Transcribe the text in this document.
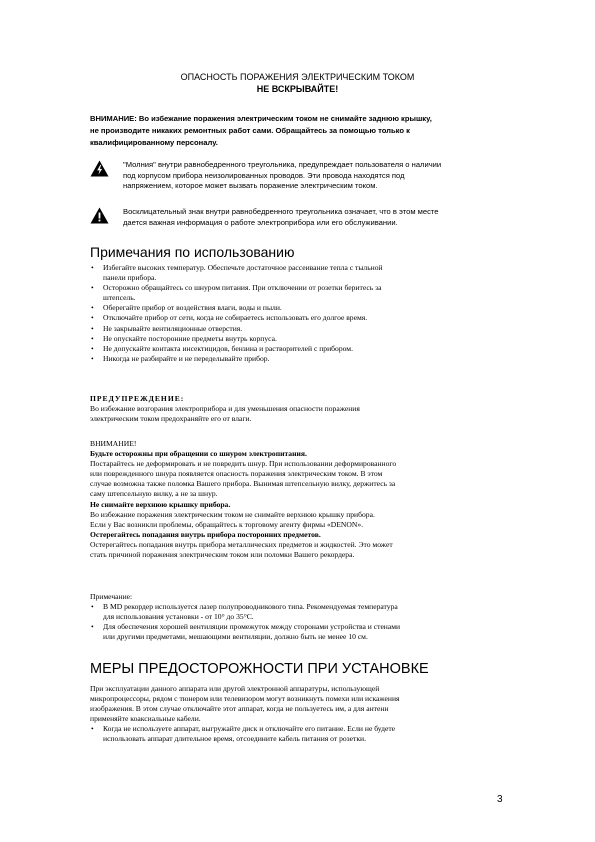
ОПАСНОСТЬ ПОРАЖЕНИЯ ЭЛЕКТРИЧЕСКИМ ТОКОМ
НЕ ВСКРЫВАЙТЕ!
ВНИМАНИЕ: Во избежание поражения электрическим током не снимайте заднюю крышку,
не производите никаких ремонтных работ сами. Обращайтесь за помощью только к
квалифицированному персоналу.
"Молния" внутри равнобедренного треугольника, предупреждает пользователя о наличии
под корпусом прибора неизолированных проводов. Эти провода находятся под
напряжением, которое может вызвать поражение электрическим током.
Восклицательный знак внутри равнобедренного треугольника означает, что в этом месте
дается важная информация о работе электроприбора или его обслуживании.
Примечания по использованию
• Избегайте высоких температур. Обеспечьте достаточное рассеивание тепла с тыльной
панели прибора.
• Осторожно обращайтесь со шнуром питания. При отключении от розетки беритесь за
штепсель.
• Оберегайте прибор от воздействия влаги, воды и пыли.
• Отключайте прибор от сети, когда не собираетесь использовать его долгое время.
• Не закрывайте вентиляционные отверстия.
• Не опускайте посторонние предметы внутрь корпуса.
• Не допускайте контакта инсектицидов, бензина и растворителей с прибором.
• Никогда не разбирайте и не переделывайте прибор.
ПРЕДУПРЕЖДЕНИЕ:
Во избежание возгорания электроприбора и для уменьшения опасности поражения
электрическим током предохраняйте его от влаги.
ВНИМАНИЕ!
Будьте осторожны при обращении со шнуром электропитания.
Постарайтесь не деформировать и не повредить шнур. При использовании деформированного
или поврежденного шнура появляется опасность поражения электрическим током. В этом
случае возможна также поломка Вашего прибора. Вынимая штепсельную вилку, держитесь за
саму штепсельную вилку, а не за шнур.
Не снимайте верхнюю крышку прибора.
Во избежание поражения электрическим током не снимайте верхнюю крышку прибора.
Если у Вас возникли проблемы, обращайтесь к торговому агенту фирмы «DENON».
Остерегайтесь попадания внутрь прибора посторонних предметов.
Остерегайтесь попадания внутрь прибора металлических предметов и жидкостей. Это может
стать причиной поражения электрическим током или поломки Вашего рекордера.
Примечание:
• В MD рекордер используется лазер полупроводникового типа. Рекомендуемая температура
для использования установки - от 10° до 35°C.
• Для обеспечения хорошей вентиляции промежуток между сторонами устройства и стенами
или другими предметами, мешающими вентиляции, должно быть не менее 10 см.
МЕРЫ ПРЕДОСТОРОЖНОСТИ ПРИ УСТАНОВКЕ
При эксплуатации данного аппарата или другой электронной аппаратуры, использующей
микропроцессоры, рядом с тюнером или телевизором могут возникнуть помехи или искажения
изображения. В этом случае отключайте этот аппарат, когда не пользуетесь им, а для антенн
применяйте коаксиальные кабели.
• Когда не используете аппарат, выгружайте диск и отключайте его питание. Если не будете
использовать аппарат длительное время, отсоедините кабель питания от розетки.
3
